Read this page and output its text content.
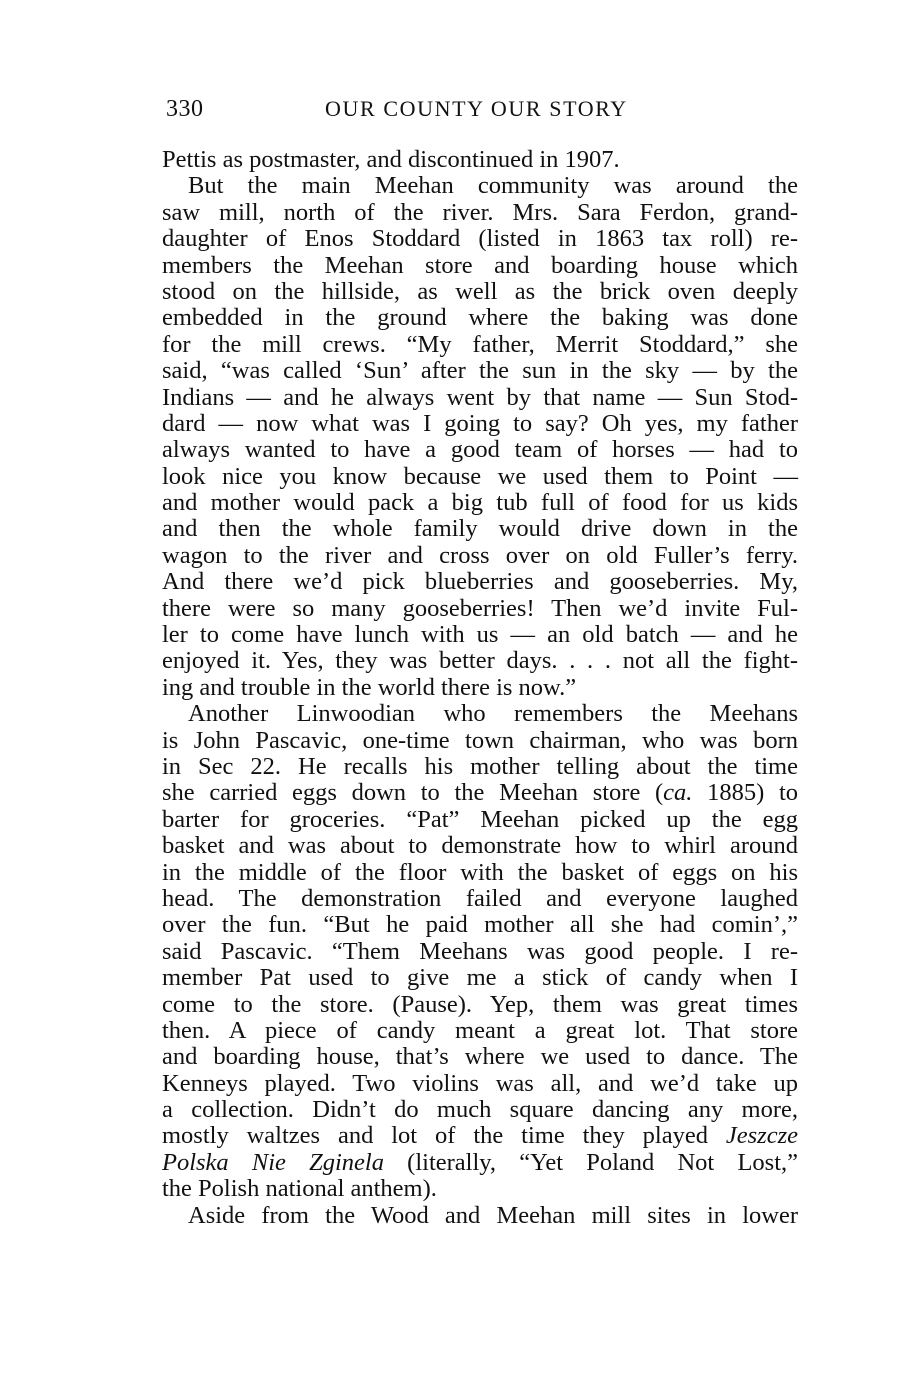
330	OUR COUNTY OUR STORY
Pettis as postmaster, and discontinued in 1907.
But the main Meehan community was around the
saw mill, north of the river. Mrs. Sara Ferdon, grand-
daughter of Enos Stoddard (listed in 1863 tax roll) re-
members the Meehan store and boarding house which
stood on the hillside, as well as the brick oven deeply
embedded in the ground where the baking was done
for the mill crews. “My father, Merrit Stoddard,” she
said, “was called ‘Sun’ after the sun in the sky — by the
Indians — and he always went by that name — Sun Stod-
dard — now what was I going to say? Oh yes, my father
always wanted to have a good team of horses — had to
look nice you know because we used them to Point —
and mother would pack a big tub full of food for us kids
and then the whole family would drive down in the
wagon to the river and cross over on old Fuller’s ferry.
And there we’d pick blueberries and gooseberries. My,
there were so many gooseberries! Then we’d invite Ful-
ler to come have lunch with us — an old batch — and he
enjoyed it. Yes, they was better days. . . . not all the fight-
ing and trouble in the world there is now.”
Another Linwoodian who remembers the Meehans
is John Pascavic, one-time town chairman, who was born
in Sec 22. He recalls his mother telling about the time
she carried eggs down to the Meehan store (ca. 1885) to
barter for groceries. “Pat” Meehan picked up the egg
basket and was about to demonstrate how to whirl around
in the middle of the floor with the basket of eggs on his
head. The demonstration failed and everyone laughed
over the fun. “But he paid mother all she had comin’,”
said Pascavic. “Them Meehans was good people. I re-
member Pat used to give me a stick of candy when I
come to the store. (Pause). Yep, them was great times
then. A piece of candy meant a great lot. That store
and boarding house, that’s where we used to dance. The
Kenneys played. Two violins was all, and we’d take up
a collection. Didn’t do much square dancing any more,
mostly waltzes and lot of the time they played Jeszcze
Polska Nie Zginela (literally, “Yet Poland Not Lost,”
the Polish national anthem).
Aside from the Wood and Meehan mill sites in lower
